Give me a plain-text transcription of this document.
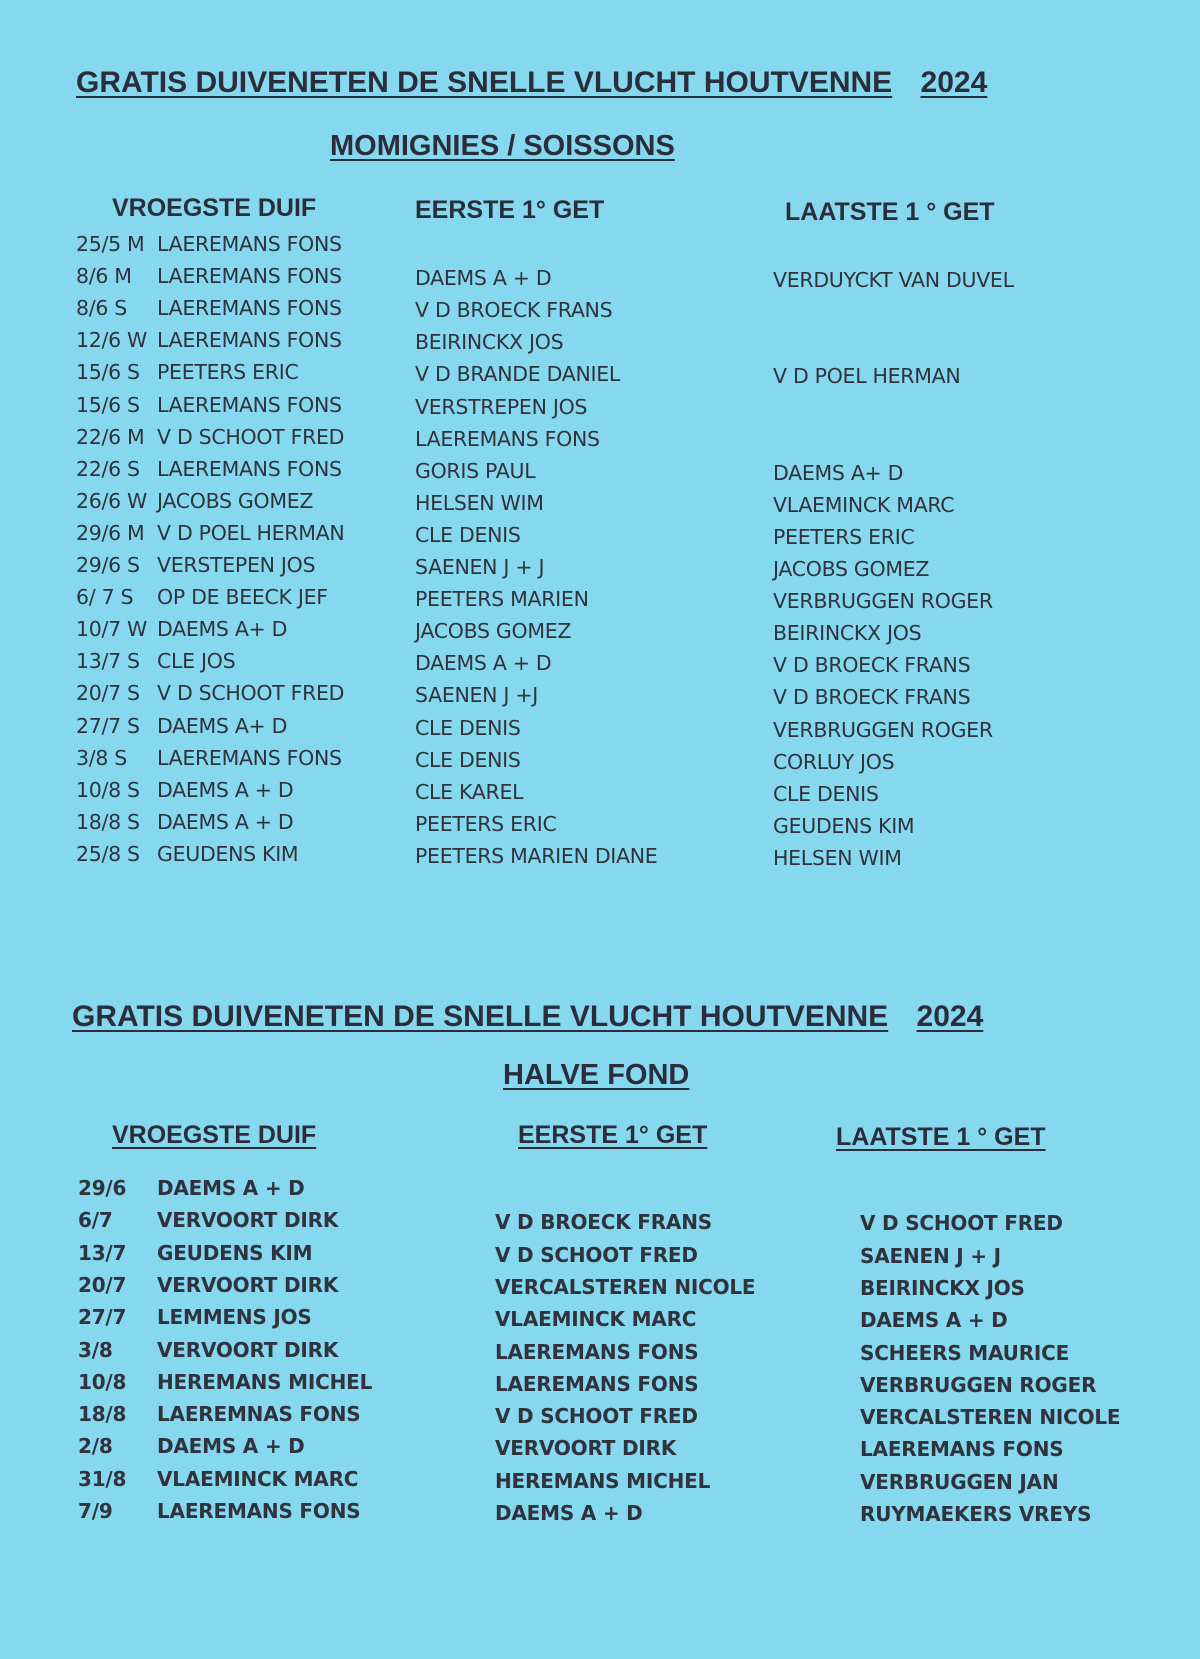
GRATIS DUIVENETEN DE SNELLE VLUCHT HOUTVENNE 2024
MOMIGNIES / SOISSONS
VROEGSTE DUIF	EERSTE 1° GET	LAATSTE 1 ° GET
25/5 M LAEREMANS FONS
8/6 M LAEREMANS FONS	DAEMS A + D	VERDUYCKT VAN DUVEL
8/6 S LAEREMANS FONS	V D BROECK FRANS
12/6 W LAEREMANS FONS	BEIRINCKX JOS
15/6 S PEETERS ERIC	V D BRANDE DANIEL	V D POEL HERMAN
15/6 S LAEREMANS FONS	VERSTREPEN JOS
22/6 M V D SCHOOT FRED	LAEREMANS FONS
22/6 S LAEREMANS FONS	GORIS PAUL	DAEMS A+ D
26/6 W JACOBS GOMEZ	HELSEN WIM	VLAEMINCK MARC
29/6 M V D POEL HERMAN	CLE DENIS	PEETERS ERIC
29/6 S VERSTEPEN JOS	SAENEN J + J	JACOBS GOMEZ
6/ 7 S OP DE BEECK JEF	PEETERS MARIEN	VERBRUGGEN ROGER
10/7 W DAEMS A+ D	JACOBS GOMEZ	BEIRINCKX JOS
13/7 S CLE JOS	DAEMS A + D	V D BROECK FRANS
20/7 S V D SCHOOT FRED	SAENEN J +J	V D BROECK FRANS
27/7 S DAEMS A+ D	CLE DENIS	VERBRUGGEN ROGER
3/8 S LAEREMANS FONS	CLE DENIS	CORLUY JOS
10/8 S DAEMS A + D	CLE KAREL	CLE DENIS
18/8 S DAEMS A + D	PEETERS ERIC	GEUDENS KIM
25/8 S GEUDENS KIM	PEETERS MARIEN DIANE	HELSEN WIM
GRATIS DUIVENETEN DE SNELLE VLUCHT HOUTVENNE 2024
HALVE FOND
VROEGSTE DUIF	EERSTE 1° GET	LAATSTE 1 ° GET
29/6 DAEMS A + D
6/7 VERVOORT DIRK	V D BROECK FRANS	V D SCHOOT FRED
13/7 GEUDENS KIM	V D SCHOOT FRED	SAENEN J + J
20/7 VERVOORT DIRK	VERCALSTEREN NICOLE	BEIRINCKX JOS
27/7 LEMMENS JOS	VLAEMINCK MARC	DAEMS A + D
3/8 VERVOORT DIRK	LAEREMANS FONS	SCHEERS MAURICE
10/8 HEREMANS MICHEL	LAEREMANS FONS	VERBRUGGEN ROGER
18/8 LAEREMNAS FONS	V D SCHOOT FRED	VERCALSTEREN NICOLE
2/8 DAEMS A + D	VERVOORT DIRK	LAEREMANS FONS
31/8 VLAEMINCK MARC	HEREMANS MICHEL	VERBRUGGEN JAN
7/9 LAEREMANS FONS	DAEMS A + D	RUYMAEKERS VREYS
